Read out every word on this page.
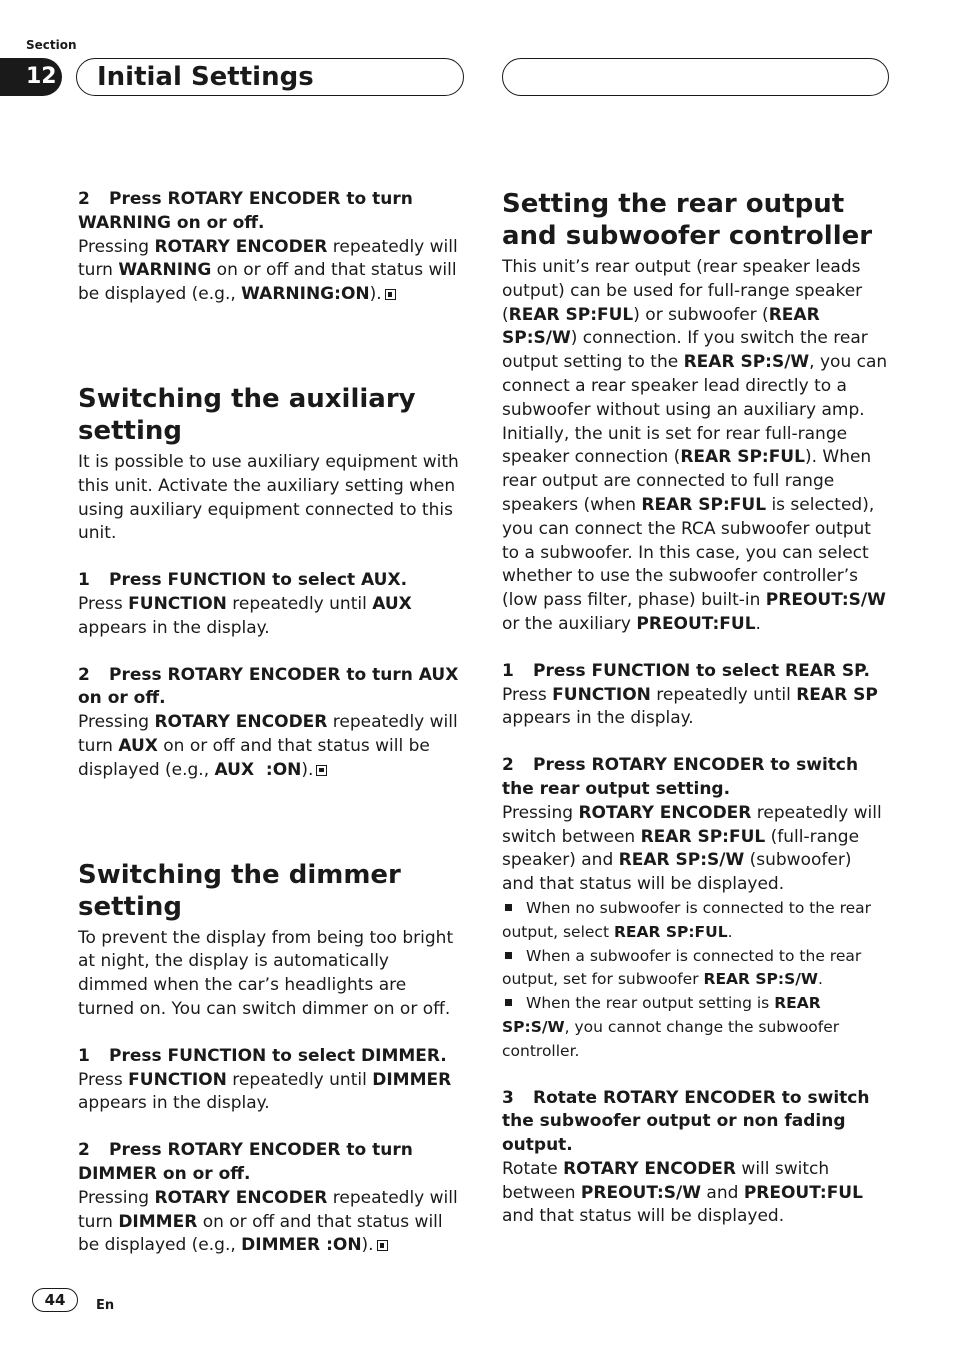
Section
12	Initial Settings

2 Press ROTARY ENCODER to turn WARNING on or off.

Pressing ROTARY ENCODER repeatedly will turn WARNING on or off and that status will be displayed (e.g., WARNING:ON).

Switching the auxiliary setting

It is possible to use auxiliary equipment with this unit. Activate the auxiliary setting when using auxiliary equipment connected to this unit.

1 Press FUNCTION to select AUX.

Press FUNCTION repeatedly until AUX appears in the display.

2 Press ROTARY ENCODER to turn AUX on or off.

Pressing ROTARY ENCODER repeatedly will turn AUX on or off and that status will be displayed (e.g., AUX  :ON).

Switching the dimmer setting

To prevent the display from being too bright at night, the display is automatically dimmed when the car’s headlights are turned on. You can switch dimmer on or off.

1 Press FUNCTION to select DIMMER.

Press FUNCTION repeatedly until DIMMER appears in the display.

2 Press ROTARY ENCODER to turn DIMMER on or off.

Pressing ROTARY ENCODER repeatedly will turn DIMMER on or off and that status will be displayed (e.g., DIMMER :ON).

Setting the rear output and subwoofer controller

This unit’s rear output (rear speaker leads output) can be used for full-range speaker (REAR SP:FUL) or subwoofer (REAR SP:S/W) connection. If you switch the rear output setting to the REAR SP:S/W, you can connect a rear speaker lead directly to a subwoofer without using an auxiliary amp.

Initially, the unit is set for rear full-range speaker connection (REAR SP:FUL). When rear output are connected to full range speakers (when REAR SP:FUL is selected), you can connect the RCA subwoofer output to a subwoofer. In this case, you can select whether to use the subwoofer controller’s (low pass filter, phase) built-in PREOUT:S/W or the auxiliary PREOUT:FUL.

1 Press FUNCTION to select REAR SP.

Press FUNCTION repeatedly until REAR SP appears in the display.

2 Press ROTARY ENCODER to switch the rear output setting.

Pressing ROTARY ENCODER repeatedly will switch between REAR SP:FUL (full-range speaker) and REAR SP:S/W (subwoofer) and that status will be displayed.

When no subwoofer is connected to the rear output, select REAR SP:FUL.

When a subwoofer is connected to the rear output, set for subwoofer REAR SP:S/W.

When the rear output setting is REAR SP:S/W, you cannot change the subwoofer controller.

3 Rotate ROTARY ENCODER to switch the subwoofer output or non fading output.

Rotate ROTARY ENCODER will switch between PREOUT:S/W and PREOUT:FUL and that status will be displayed.

44	En
